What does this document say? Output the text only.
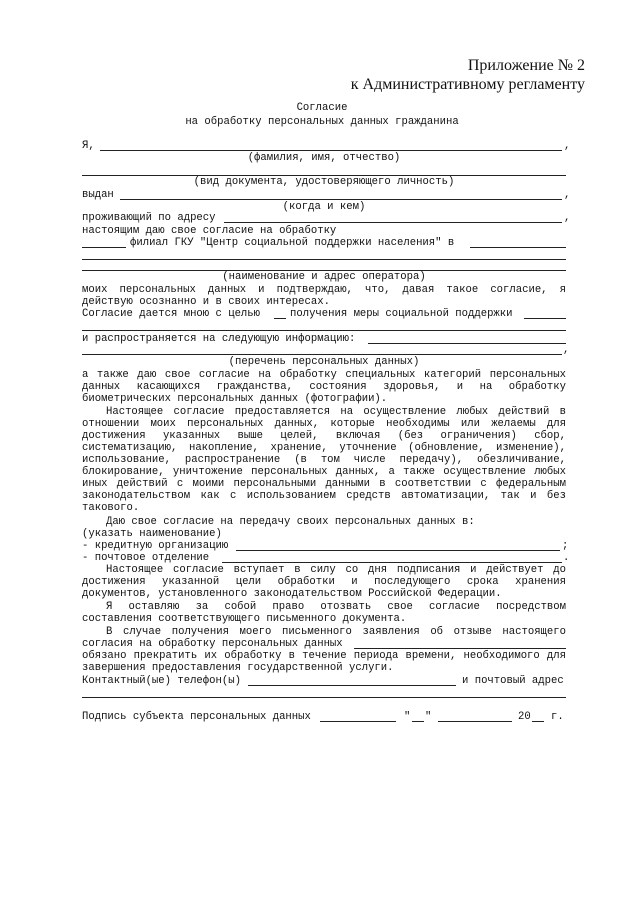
Приложение № 2
к Административному регламенту
Согласие
на обработку персональных данных гражданина
Я,	,
(фамилия, имя, отчество)
(вид документа, удостоверяющего личность)
выдан	,
(когда и кем)
проживающий по адресу	,
настоящим даю свое согласие на обработку
филиал ГКУ "Центр социальной поддержки населения" в
(наименование и адрес оператора)
моих персональных данных и подтверждаю, что, давая такое согласие, я
действую осознанно и в своих интересах.
Согласие дается мною с целью	получения меры социальной поддержки
и распространяется на следующую информацию:
,
(перечень персональных данных)
а также даю свое согласие на обработку специальных категорий персональных
данных касающихся гражданства, состояния здоровья, и на обработку
биометрических персональных данных (фотографии).
Настоящее согласие предоставляется на осуществление любых действий в
отношении моих персональных данных, которые необходимы или желаемы для
достижения указанных выше целей, включая (без ограничения) сбор,
систематизацию, накопление, хранение, уточнение (обновление, изменение),
использование, распространение (в том числе передачу), обезличивание,
блокирование, уничтожение персональных данных, а также осуществление любых
иных действий с моими персональными данными в соответствии с федеральным
законодательством как с использованием средств автоматизации, так и без
такового.
Даю свое согласие на передачу своих персональных данных в:
(указать наименование)
- кредитную организацию	;
- почтовое отделение	.
Настоящее согласие вступает в силу со дня подписания и действует до
достижения указанной цели обработки и последующего срока хранения
документов, установленного законодательством Российской Федерации.
Я оставляю за собой право отозвать свое согласие посредством
составления соответствующего письменного документа.
В случае получения моего письменного заявления об отзыве настоящего
согласия на обработку персональных данных
обязано прекратить их обработку в течение периода времени, необходимого для
завершения предоставления государственной услуги.
Контактный(ые) телефон(ы)	и почтовый адрес
Подпись субъекта персональных данных	" "	20 г.
